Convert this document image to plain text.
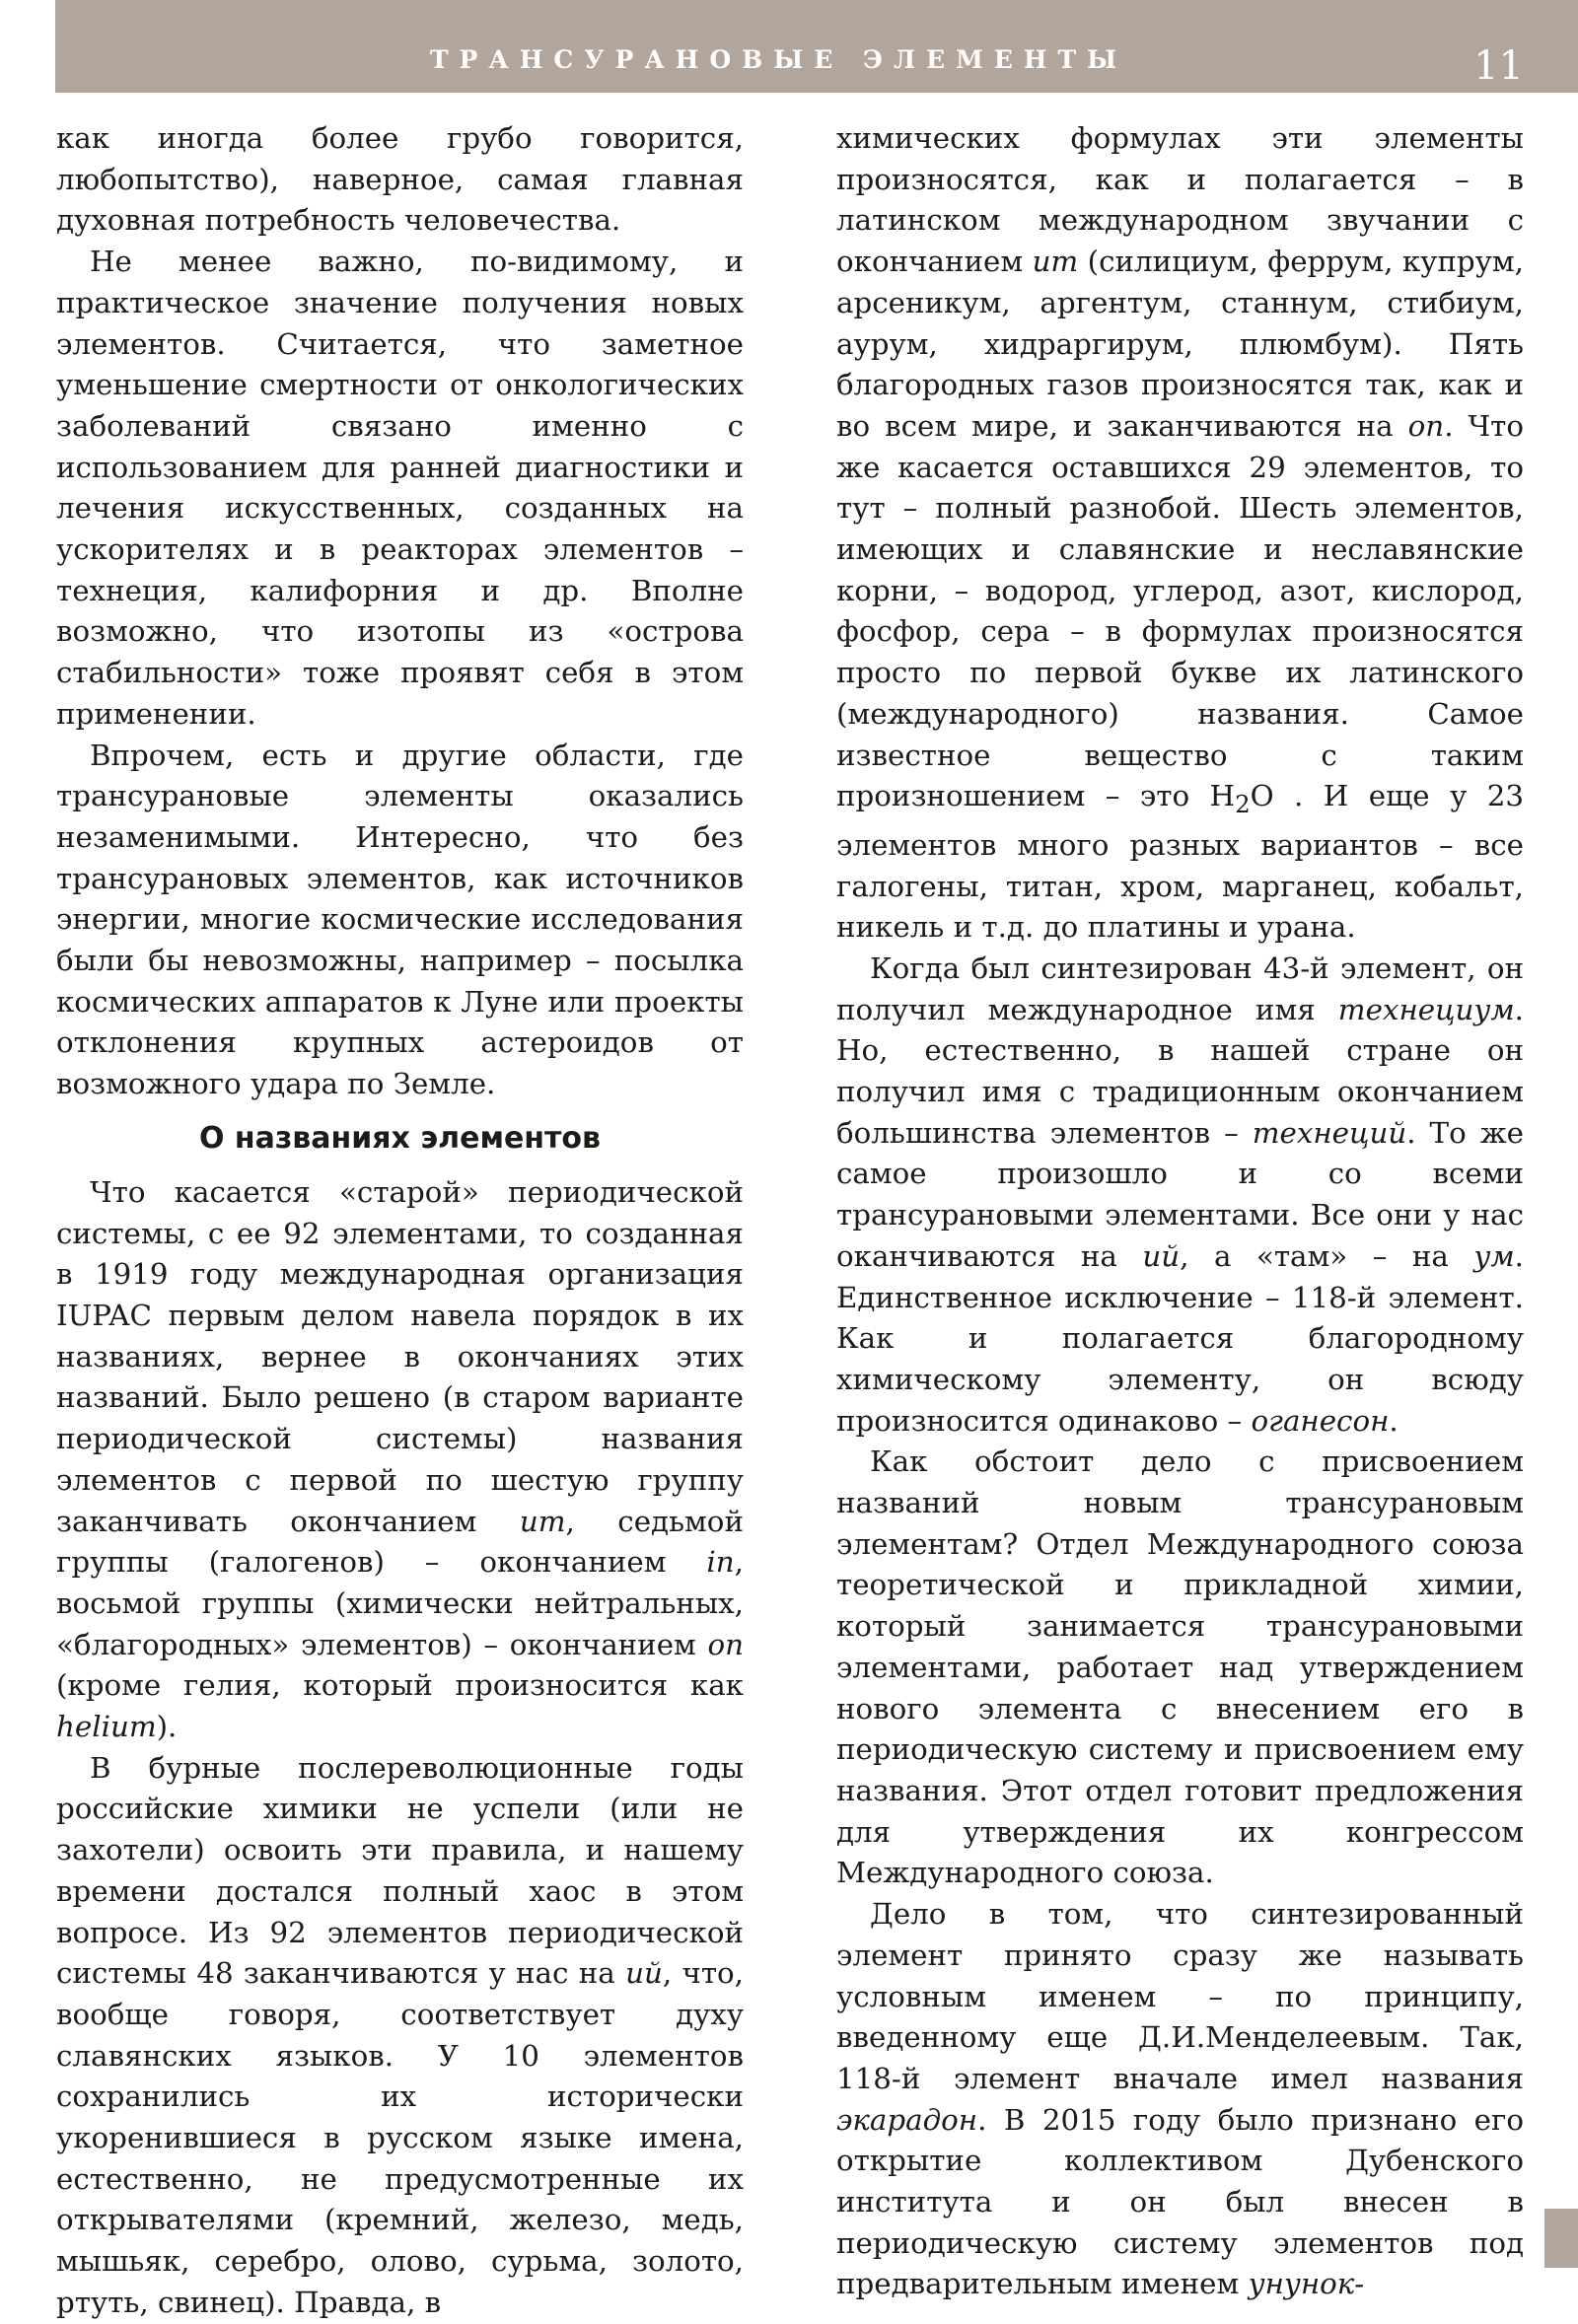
ТРАНСУРАНОВЫЕ ЭЛЕМЕНТЫ	11

как иногда более грубо говорится, любопытство), наверное, самая главная духовная потребность человечества.

Не менее важно, по-видимому, и практическое значение получения новых элементов. Считается, что заметное уменьшение смертности от онкологических заболеваний связано именно с использованием для ранней диагностики и лечения искусственных, созданных на ускорителях и в реакторах элементов – технеция, калифорния и др. Вполне возможно, что изотопы из «острова стабильности» тоже проявят себя в этом применении.

Впрочем, есть и другие области, где трансурановые элементы оказались незаменимыми. Интересно, что без трансурановых элементов, как источников энергии, многие космические исследования были бы невозможны, например – посылка космических аппаратов к Луне или проекты отклонения крупных астероидов от возможного удара по Земле.

О названиях элементов

Что касается «старой» периодической системы, с ее 92 элементами, то созданная в 1919 году международная организация IUPAC первым делом навела порядок в их названиях, вернее в окончаниях этих названий. Было решено (в старом варианте периодической системы) названия элементов с первой по шестую группу заканчивать окончанием um, седьмой группы (галогенов) – окончанием in, восьмой группы (химически нейтральных, «благородных» элементов) – окончанием on (кроме гелия, который произносится как helium).

В бурные послереволюционные годы российские химики не успели (или не захотели) освоить эти правила, и нашему времени достался полный хаос в этом вопросе. Из 92 элементов периодической системы 48 заканчиваются у нас на ий, что, вообще говоря, соответствует духу славянских языков. У 10 элементов сохранились их исторически укоренившиеся в русском языке имена, естественно, не предусмотренные их открывателями (кремний, железо, медь, мышьяк, серебро, олово, сурьма, золото, ртуть, свинец). Правда, в

химических формулах эти элементы произносятся, как и полагается – в латинском международном звучании с окончанием um (силициум, феррум, купрум, арсеникум, аргентум, станнум, стибиум, аурум, хидраргирум, плюмбум). Пять благородных газов произносятся так, как и во всем мире, и заканчиваются на on. Что же касается оставшихся 29 элементов, то тут – полный разнобой. Шесть элементов, имеющих и славянские и неславянские корни, – водород, углерод, азот, кислород, фосфор, сера – в формулах произносятся просто по первой букве их латинского (международного) названия. Самое известное вещество с таким произношением – это $H_2O$ . И еще у 23 элементов много разных вариантов – все галогены, титан, хром, марганец, кобальт, никель и т.д. до платины и урана.

Когда был синтезирован 43-й элемент, он получил международное имя технециум. Но, естественно, в нашей стране он получил имя с традиционным окончанием большинства элементов – технеций. То же самое произошло и со всеми трансурановыми элементами. Все они у нас оканчиваются на ий, а «там» – на ум. Единственное исключение – 118-й элемент. Как и полагается благородному химическому элементу, он всюду произносится одинаково – оганесон.

Как обстоит дело с присвоением названий новым трансурановым элементам? Отдел Международного союза теоретической и прикладной химии, который занимается трансурановыми элементами, работает над утверждением нового элемента с внесением его в периодическую систему и присвоением ему названия. Этот отдел готовит предложения для утверждения их конгрессом Международного союза.

Дело в том, что синтезированный элемент принято сразу же называть условным именем – по принципу, введенному еще Д.И.Менделеевым. Так, 118-й элемент вначале имел названия экарадон. В 2015 году было признано его открытие коллективом Дубенского института и он был внесен в периодическую систему элементов под предварительным именем унунок-
